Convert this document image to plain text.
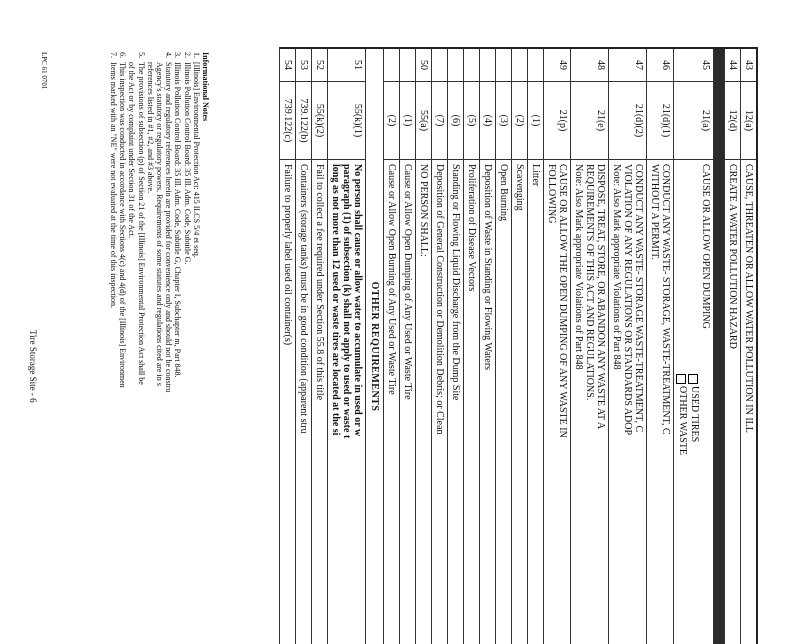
43
12(a)
CAUSE, THREATEN OR ALLOW WATER POLLUTION IN ILL
44
12(d)
CREATE A WATER POLLUTION HAZARD
45
21(a)
CAUSE OR ALLOW OPEN DUMPING
USED TIRES
OTHER WASTE
46
21(d)(1)
CONDUCT ANY WASTE- STORAGE, WASTE-TREATMENT, C
WITHOUT A PERMIT.
47
21(d)(2)
CONDUCT ANY WASTE- STORAGE WASTE-TREATMENT, C
VIOLATION OF ANY REGULATIONS OR STANDARDS ADOP
Note: Also Mark appropriate Violations of Part 848
48
21(e)
DISPOSE, TREAT, STORE, OR ABANDON ANY WASTE AT A
REQUIREMENTS OF THIS ACT AND REGULATIONS.
Note: Also Mark appropriate Violations of Part 848
49
21(p)
CAUSE OR ALLOW THE OPEN DUMPING OF ANY WASTE IN
FOLLOWING
(1)
Litter
(2)
Scavenging
(3)
Open Burning
(4)
Deposition of Waste in Standing or Flowing Waters
(5)
Proliferation of Disease Vectors
(6)
Standing or Flowing Liquid Discharge from the Dump Site
(7)
Deposition of General Construction or Demolition Debris; or Clean
50
55(a)
NO PERSON SHALL:
(1)
Cause or Allow Open Dumping of Any Used or Waste Tire
(2)
Cause or Allow Open Burning of Any Used or Waste Tire
OTHER REQUIREMENTS
51
55(k)(1)
No person shall cause or allow water to accumulate in used or w
paragraph (1) of subsection (k) shall not apply to used or waste t
long as not more than 12 used or waste tires are located at the si
52
55(k)(2)
Fail to collect a fee required under Section 55.8 of this title
53
739.122(b)
Containers (storage tanks) must be in good condition (apparent stru
54
739.122(c)
Failure to properly label used oil container(s)
Informational Notes
1.
[Illinois] Environmental Protection Act: 415 ILCS 5/4 et seq.
2.
Illinois Pollution Control Board: 35 Ill. Adm. Code, Subtitle G.
3.
Illinois Pollution Control Board: 35 Ill. Adm. Code, Subtitle G, Chapter I, Subchapter m, Part 848.
4.
Statutory and regulatory references herein are provided for convenience only and should not be constru
Agency's statutory or regulatory powers. Requirements of some statutes and regulations cited are in s
references listed in #1, #2, and #3 above.
5.
The provisions of subsection (p) of Section 21 of the [Illinois] Environmental Protection Act shall be
of the Act or by complaint under Section 31 of the Act.
6.
This inspection was conducted in accordance with Sections 4(c) and 4(d) of the [Illinois] Environmen
7.
Items marked with an "NE" were not evaluated at the time of this inspection.
LPC 61 0701
Tire Storage Site - 6
